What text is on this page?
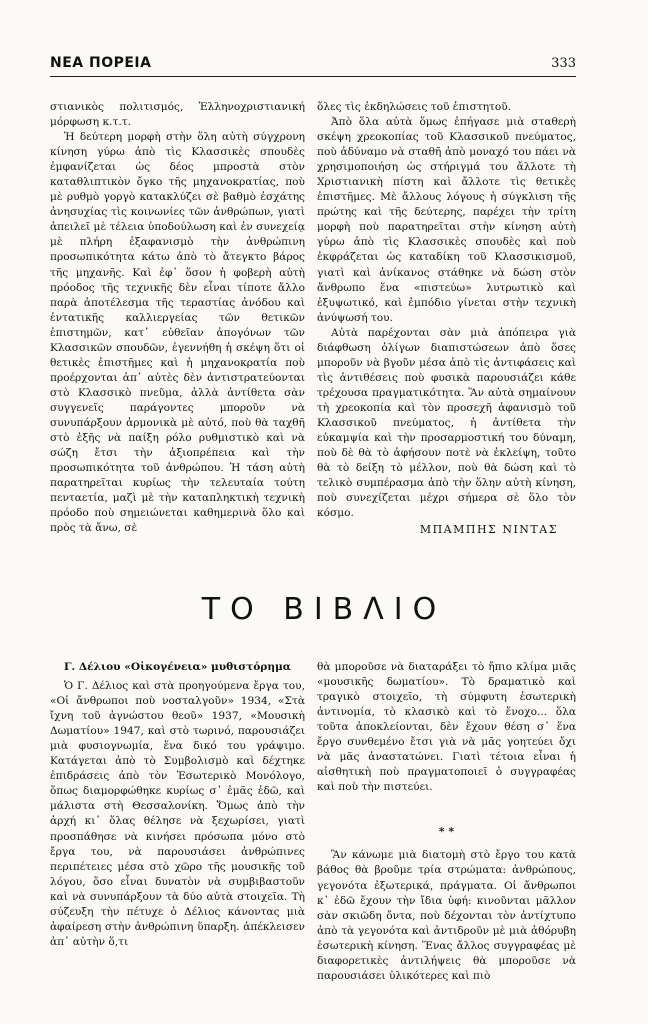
ΝΕΑ ΠΟΡΕΙΑ	333

στιανικὸς πολιτισμός, Ἑλληνοχριστιανική μόρφωση κ.τ.τ.

Ἡ δεύτερη μορφὴ στὴν ὅλη αὐτὴ σύγχρονη κίνηση γύρω ἀπὸ τὶς Κλασσικὲς σπουδὲς ἐμφανίζεται ὡς δέος μπροστὰ στὸν καταθλιπτικὸν ὄγκο τῆς μηχανοκρατίας, ποὺ μὲ ρυθμὸ γοργὸ κατακλύζει σὲ βαθμὸ ἐσχάτης ἀνησυχίας τὶς κοινωνίες τῶν ἀνθρώπων, γιατὶ ἀπειλεῖ μὲ τέλεια ὑποδούλωση καὶ ἐν συνεχείᾳ μὲ πλήρη ἐξαφανισμὸ τὴν ἀνθρώπινη προσωπικότητα κάτω ἀπὸ τὸ ἄτεγκτο βάρος τῆς μηχανῆς. Καὶ ἐφ᾿ ὅσον ἡ φοβερὴ αὐτὴ πρόοδος τῆς τεχνικῆς δὲν εἶναι τίποτε ἄλλο παρὰ ἀποτέλεσμα τῆς τεραστίας ἀνόδου καὶ ἐντατικῆς καλλιεργείας τῶν θετικῶν ἐπιστημῶν, κατ᾿ εὐθεῖαν ἀπογόνων τῶν Κλασσικῶν σπουδῶν, ἐγεννήθη ἡ σκέψη ὅτι οἱ θετικὲς ἐπιστῆμες καὶ ἡ μηχανοκρατία ποὺ προέρχονται ἀπ᾿ αὐτὲς δὲν ἀντιστρατεύονται στὸ Κλασσικὸ πνεῦμα, ἀλλὰ ἀντίθετα σὰν συγγενεῖς παράγοντες μποροῦν νὰ συνυπάρξουν ἁρμονικὰ μὲ αὐτό, ποὺ θὰ ταχθῆ στὸ ἑξῆς νὰ παίξη ρόλο ρυθμιστικὸ καὶ νὰ σώζη ἔτσι τὴν ἀξιοπρέπεια καὶ τὴν προσωπικότητα τοῦ ἀνθρώπου. Ἡ τάση αὐτὴ παρατηρεῖται κυρίως τὴν τελευταία τούτη πενταετία, μαζὶ μὲ τὴν καταπληκτικὴ τεχνικὴ πρόοδο ποὺ σημειώνεται καθημερινὰ ὅλο καὶ πρὸς τὰ ἄνω, σὲ

ὅλες τὶς ἐκδηλώσεις τοῦ ἐπιστητοῦ.

Ἀπὸ ὅλα αὐτὰ ὅμως ἐπήγασε μιὰ σταθερὴ σκέψη χρεοκοπίας τοῦ Κλασσικοῦ πνεύματος, ποὺ ἀδύναμο νὰ σταθῆ ἀπὸ μοναχό του πάει νὰ χρησιμοποιήση ὡς στήριγμά του ἄλλοτε τὴ Χριστιανικὴ πίστη καὶ ἄλλοτε τὶς θετικὲς ἐπιστῆμες. Μὲ ἄλλους λόγους ἡ σύγκλιση τῆς πρώτης καὶ τῆς δεύτερης, παρέχει τὴν τρίτη μορφὴ ποὺ παρατηρεῖται στὴν κίνηση αὐτὴ γύρω ἀπὸ τὶς Κλασσικὲς σπουδὲς καὶ ποὺ ἐκφράζεται ὡς καταδίκη τοῦ Κλασσικισμοῦ, γιατὶ καὶ ἀνίκανος στάθηκε νὰ δώση στὸν ἄνθρωπο ἕνα «πιστεύω» λυτρωτικὸ καὶ ἐξυψωτικό, καὶ ἐμπόδιο γίνεται στὴν τεχνικὴ ἀνύψωσή του.

Αὐτὰ παρέχονται σὰν μιὰ ἀπόπειρα γιὰ διάφθωση ὀλίγων διαπιστώσεων ἀπὸ ὅσες μποροῦν νὰ βγοῦν μέσα ἀπὸ τὶς ἀντιφάσεις καὶ τὶς ἀντιθέσεις ποὺ φυσικὰ παρουσιάζει κάθε τρέχουσα πραγματικότητα. Ἂν αὐτὰ σημαίνουν τὴ χρεοκοπία καὶ τὸν προσεχῆ ἀφανισμὸ τοῦ Κλασσικοῦ πνεύματος, ἡ ἀντίθετα τὴν εὐκαμψία καὶ τὴν προσαρμοστική του δύναμη, ποὺ δὲ θὰ τὸ ἀφήσουν ποτὲ νὰ ἐκλείψη, τοῦτο θὰ τὸ δείξη τὸ μέλλον, ποὺ θὰ δώση καὶ τὸ τελικὸ συμπέρασμα ἀπὸ τὴν ὅλην αὐτὴ κίνηση, ποὺ συνεχίζεται μέχρι σήμερα σὲ ὅλο τὸν κόσμο.

ΜΠΑΜΠΗΣ ΝΙΝΤΑΣ
ΤΟ ΒΙΒΛΙΟ

Γ. Δέλιου «Οἰκογένεια» μυθιστόρημα

Ὁ Γ. Δέλιος καὶ στὰ προηγούμενα ἔργα του, «Οἱ ἄνθρωποι ποὺ νοσταλγοῦν» 1934, «Στὰ ἴχνη τοῦ ἀγνώστου θεοῦ» 1937, «Μουσικὴ Δωματίου» 1947, καὶ στὸ τωρινό, παρουσιάζει μιὰ φυσιογνωμία, ἕνα δικό του γράψιμο. Κατάγεται ἀπὸ τὸ Συμβολισμὸ καὶ δέχτηκε ἐπιδράσεις ἀπὸ τὸν Ἐσωτερικὸ Μονόλογο, ὅπως διαμορφώθηκε κυρίως σ᾿ ἐμᾶς ἐδῶ, καὶ μάλιστα στὴ Θεσσαλονίκη. Ὅμως ἀπὸ τὴν ἀρχή κι᾿ ὅλας θέλησε νὰ ξεχωρίσει, γιατὶ προσπάθησε νὰ κινήσει πρόσωπα μόνο στὸ ἔργα του, νὰ παρουσιάσει ἀνθρώπινες περιπέτειες μέσα στὸ χῶρο τῆς μουσικῆς τοῦ λόγου, ὅσο εἶναι δυνατὸν νὰ συμβιβαστοῦν καὶ νὰ συνυπάρξουν τὰ δύο αὐτὰ στοιχεῖα. Τὴ σύζευξη τὴν πέτυχε ὁ Δέλιος κάνοντας μιὰ ἀφαίρεση στὴν ἀνθρώπινη ὕπαρξη. ἀπέκλεισεν ἀπ᾿ αὐτὴν ὅ,τι

θὰ μποροῦσε νὰ διαταράξει τὸ ἤπιο κλίμα μιᾶς «μουσικῆς δωματίου». Τὸ δραματικὸ καὶ τραγικὸ στοιχεῖο, τὴ σύμφυτη ἐσωτερικὴ ἀντινομία, τὸ κλασικὸ καὶ τὸ ἔνοχο... ὅλα τοῦτα ἀποκλείονται, δὲν ἔχουν θέση σ᾿ ἕνα ἔργο συνθεμένο ἔτσι γιὰ νὰ μᾶς γοητεύει ὄχι νὰ μᾶς ἀναστατώνει. Γιατὶ τέτοια εἶναι ἡ αἰσθητικὴ ποὺ πραγματοποιεῖ ὁ συγγραφέας καὶ ποὺ τὴν πιστεύει.

* *

Ἂν κάνωμε μιὰ διατομὴ στὸ ἔργο του κατὰ βάθος θὰ βροῦμε τρία στρώματα: ἀνθρώπους, γεγονότα ἐξωτερικά, πράγματα. Οἱ ἄνθρωποι κ᾿ ἐδῶ ἔχουν τὴν ἴδια ὑφή: κινοῦνται μᾶλλον σὰν σκιῶδη ὄντα, ποὺ δέχονται τὸν ἀντίχτυπο ἀπὸ τὰ γεγονότα καὶ ἀντιδροῦν μὲ μιὰ ἀθόρυβη ἐσωτερικὴ κίνηση. Ἕνας ἄλλος συγγραφέας μὲ διαφορετικὲς ἀντιλήψεις θὰ μποροῦσε νὰ παρουσιάσει ὑλικότερες καὶ πιὸ
